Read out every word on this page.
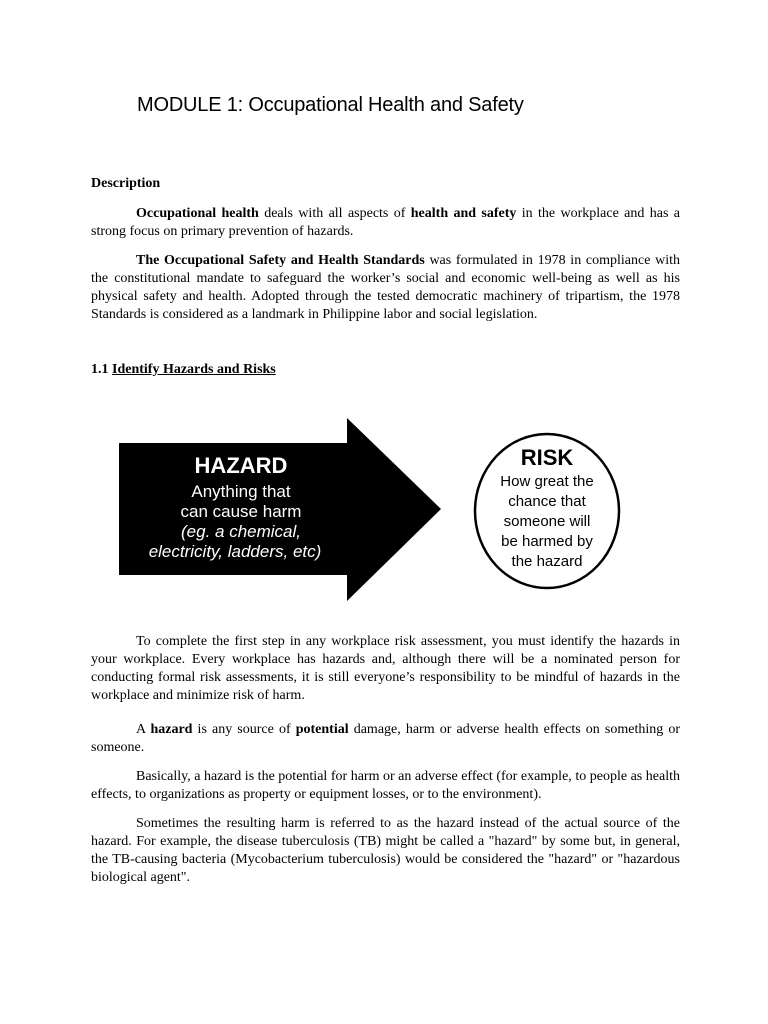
MODULE 1: Occupational Health and Safety
Description

Occupational health deals with all aspects of health and safety in the workplace and has a strong focus on primary prevention of hazards.

The Occupational Safety and Health Standards was formulated in 1978 in compliance with the constitutional mandate to safeguard the worker’s social and economic well-being as well as his physical safety and health. Adopted through the tested democratic machinery of tripartism, the 1978 Standards is considered as a landmark in Philippine labor and social legislation.

1.1 Identify Hazards and Risks
HAZARD
Anything that
can cause harm
(eg. a chemical,
electricity, ladders, etc)
RISK
How great the
chance that
someone will
be harmed by
the hazard

To complete the first step in any workplace risk assessment, you must identify the hazards in your workplace. Every workplace has hazards and, although there will be a nominated person for conducting formal risk assessments, it is still everyone’s responsibility to be mindful of hazards in the workplace and minimize risk of harm.

A hazard is any source of potential damage, harm or adverse health effects on something or someone.

Basically, a hazard is the potential for harm or an adverse effect (for example, to people as health effects, to organizations as property or equipment losses, or to the environment).

Sometimes the resulting harm is referred to as the hazard instead of the actual source of the hazard. For example, the disease tuberculosis (TB) might be called a "hazard" by some but, in general, the TB-causing bacteria (Mycobacterium tuberculosis) would be considered the "hazard" or "hazardous biological agent".
